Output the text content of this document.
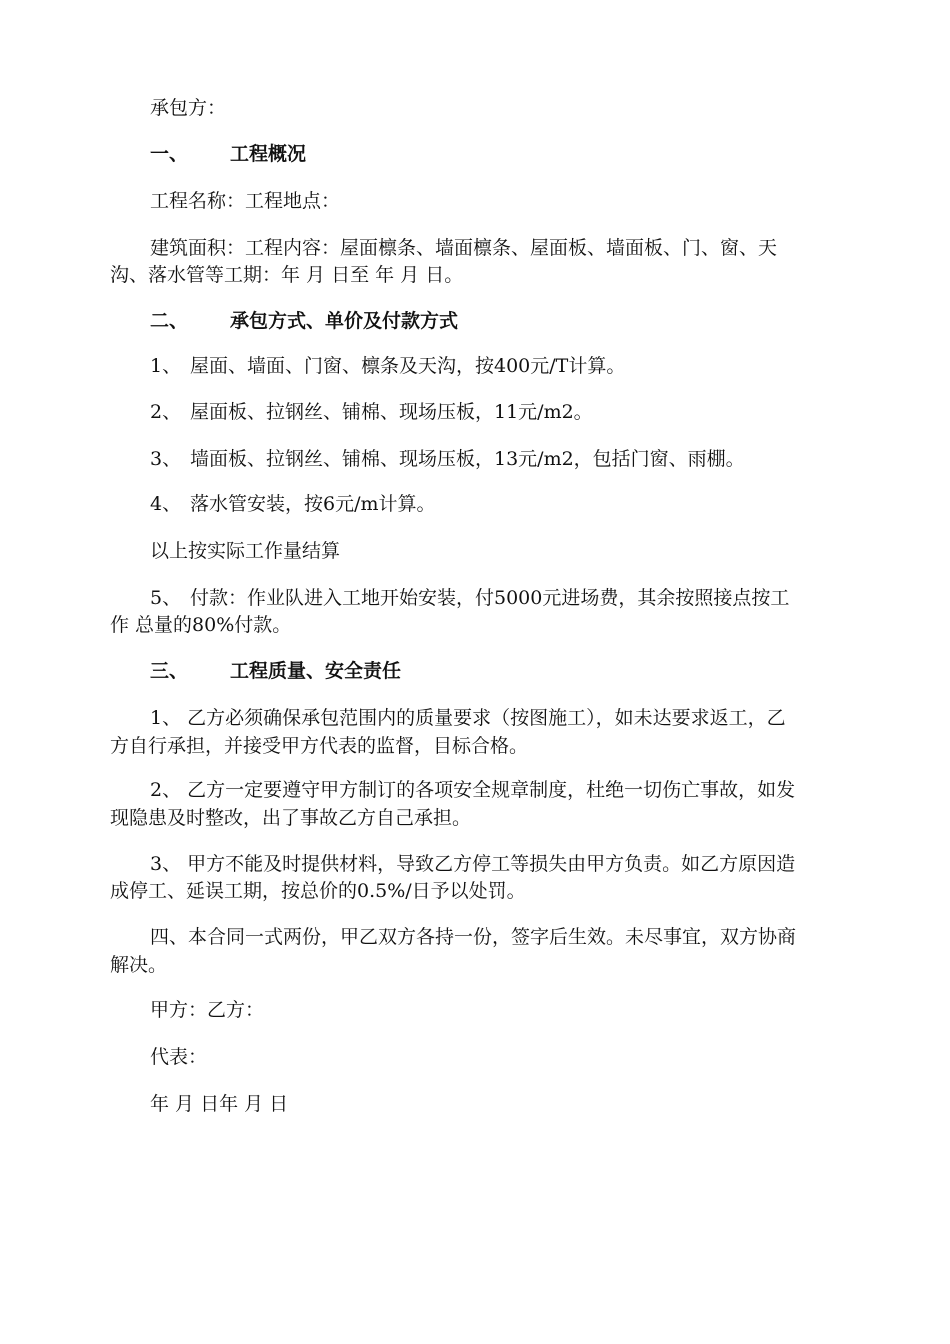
承包方：
一、 工程概况
工程名称：工程地点：
建筑面积：工程内容：屋面檩条、墙面檩条、屋面板、墙面板、门、窗、天
沟、落水管等工期：年 月 日至 年 月 日。
二、 承包方式、单价及付款方式
1、 屋面、墙面、门窗、檩条及天沟，按400元/T计算。
2、 屋面板、拉钢丝、铺棉、现场压板，11元/m2。
3、 墙面板、拉钢丝、铺棉、现场压板，13元/m2，包括门窗、雨棚。
4、 落水管安装，按6元/m计算。
以上按实际工作量结算
5、 付款：作业队进入工地开始安装，付5000元进场费，其余按照接点按工
作 总量的80%付款。
三、 工程质量、安全责任
1、 乙方必须确保承包范围内的质量要求（按图施工），如未达要求返工，乙
方自行承担，并接受甲方代表的监督，目标合格。
2、 乙方一定要遵守甲方制订的各项安全规章制度，杜绝一切伤亡事故，如发
现隐患及时整改，出了事故乙方自己承担。
3、 甲方不能及时提供材料，导致乙方停工等损失由甲方负责。如乙方原因造
成停工、延误工期，按总价的0.5%/日予以处罚。
四、本合同一式两份，甲乙双方各持一份，签字后生效。未尽事宜，双方协商
解决。
甲方：乙方：
代表：
年 月 日年 月 日
